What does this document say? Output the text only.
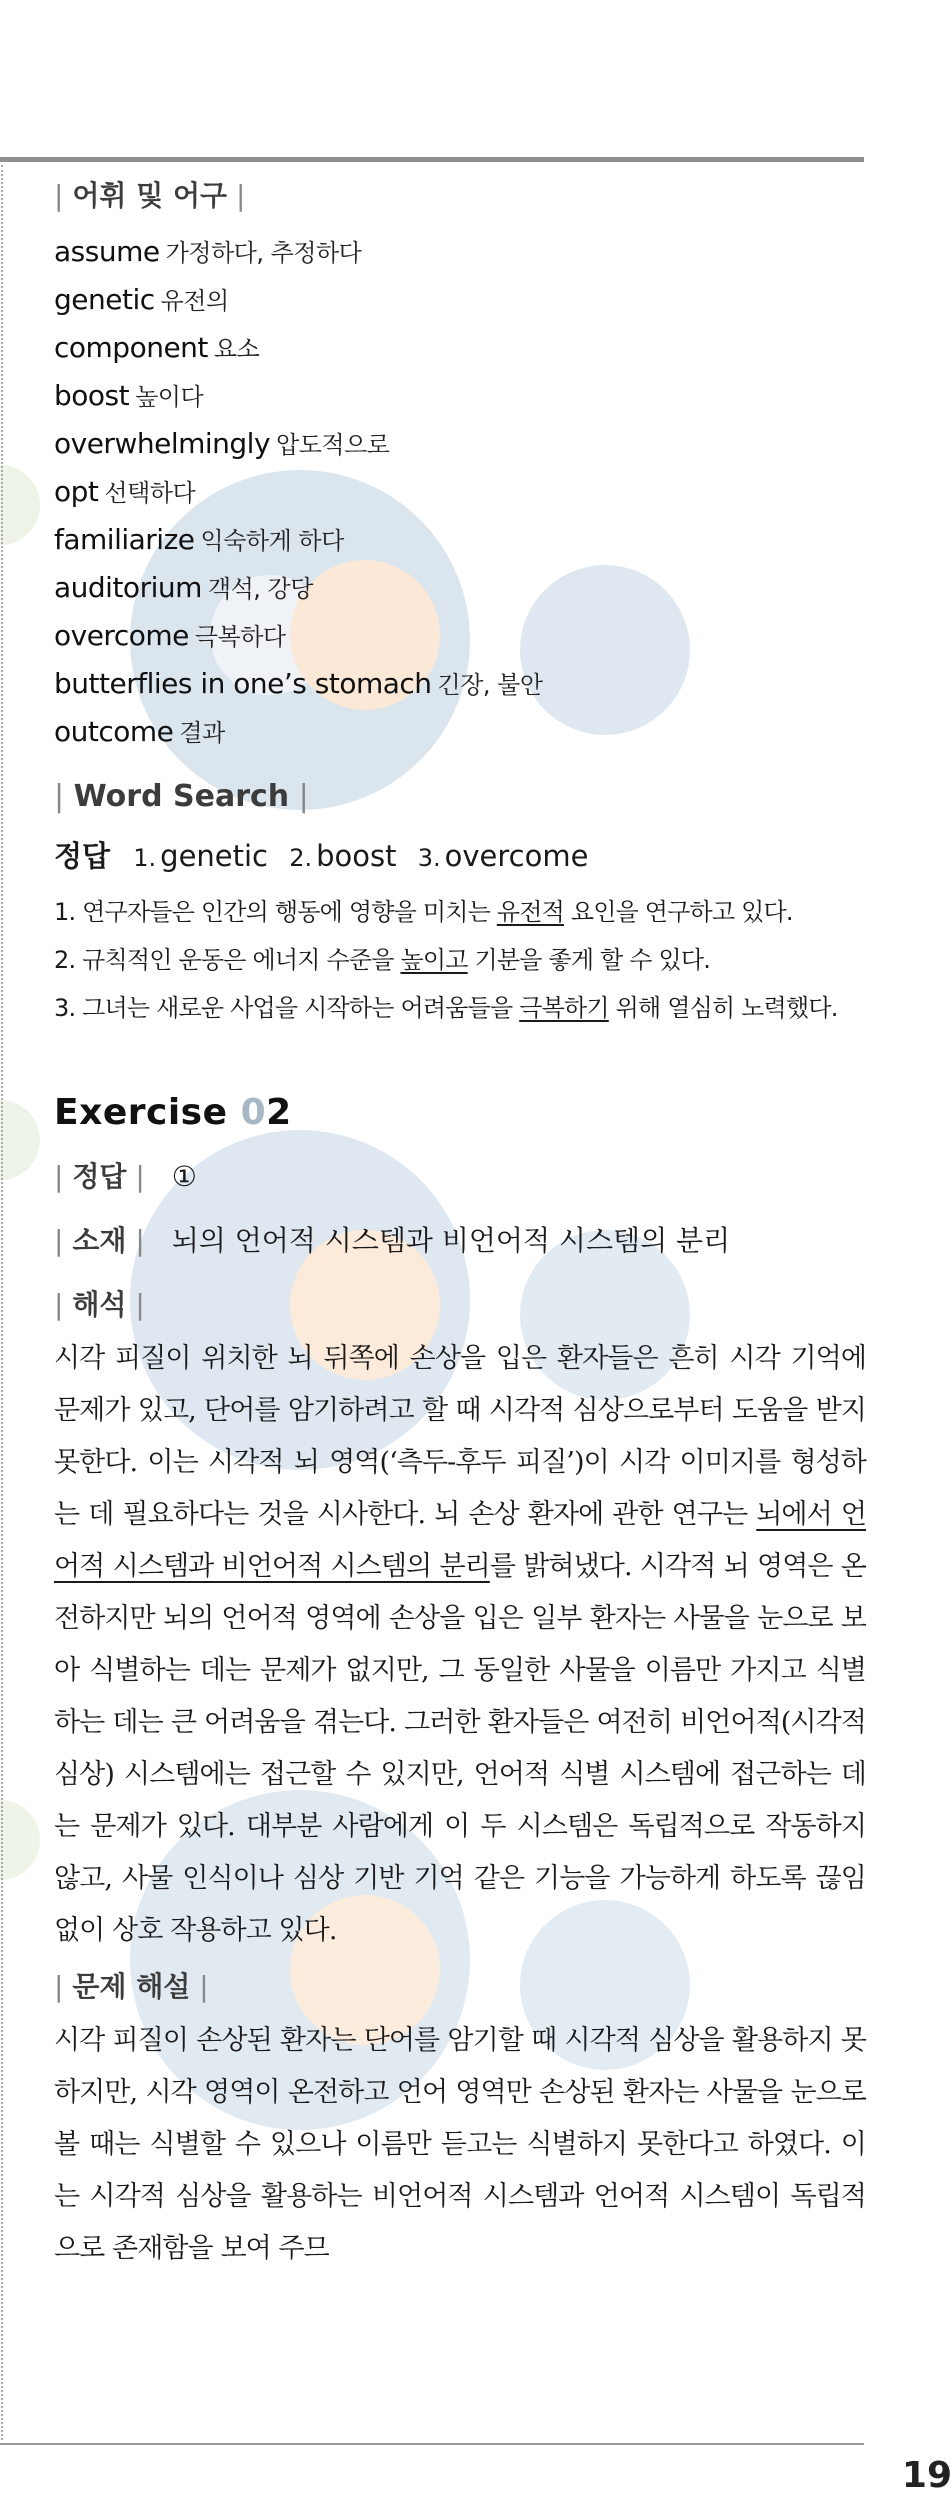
| 어휘 및 어구 |
assume 가정하다, 추정하다
genetic 유전의
component 요소
boost 높이다
overwhelmingly 압도적으로
opt 선택하다
familiarize 익숙하게 하다
auditorium 객석, 강당
overcome 극복하다
butterflies in one’s stomach 긴장, 불안
outcome 결과
| Word Search |
정답 1. genetic 2. boost 3. overcome
1. 연구자들은 인간의 행동에 영향을 미치는 유전적 요인을 연구하고 있다.
2. 규칙적인 운동은 에너지 수준을 높이고 기분을 좋게 할 수 있다.
3. 그녀는 새로운 사업을 시작하는 어려움들을 극복하기 위해 열심히 노력했다.
Exercise 02
| 정답 | ①
| 소재 | 뇌의 언어적 시스템과 비언어적 시스템의 분리
| 해석 |
시각 피질이 위치한 뇌 뒤쪽에 손상을 입은 환자들은 흔히 시각 기억에 문제가 있고, 단어를 암기하려고 할 때 시각적 심상으로부터 도움을 받지 못한다. 이는 시각적 뇌 영역(‘측두-후두 피질’)이 시각 이미지를 형성하는 데 필요하다는 것을 시사한다. 뇌 손상 환자에 관한 연구는 뇌에서 언어적 시스템과 비언어적 시스템의 분리를 밝혀냈다. 시각적 뇌 영역은 온전하지만 뇌의 언어적 영역에 손상을 입은 일부 환자는 사물을 눈으로 보아 식별하는 데는 문제가 없지만, 그 동일한 사물을 이름만 가지고 식별하는 데는 큰 어려움을 겪는다. 그러한 환자들은 여전히 비언어적(시각적 심상) 시스템에는 접근할 수 있지만, 언어적 식별 시스템에 접근하는 데는 문제가 있다. 대부분 사람에게 이 두 시스템은 독립적으로 작동하지 않고, 사물 인식이나 심상 기반 기억 같은 기능을 가능하게 하도록 끊임없이 상호 작용하고 있다.
| 문제 해설 |
시각 피질이 손상된 환자는 단어를 암기할 때 시각적 심상을 활용하지 못하지만, 시각 영역이 온전하고 언어 영역만 손상된 환자는 사물을 눈으로 볼 때는 식별할 수 있으나 이름만 듣고는 식별하지 못한다고 하였다. 이는 시각적 심상을 활용하는 비언어적 시스템과 언어적 시스템이 독립적으로 존재함을 보여 주므
19
